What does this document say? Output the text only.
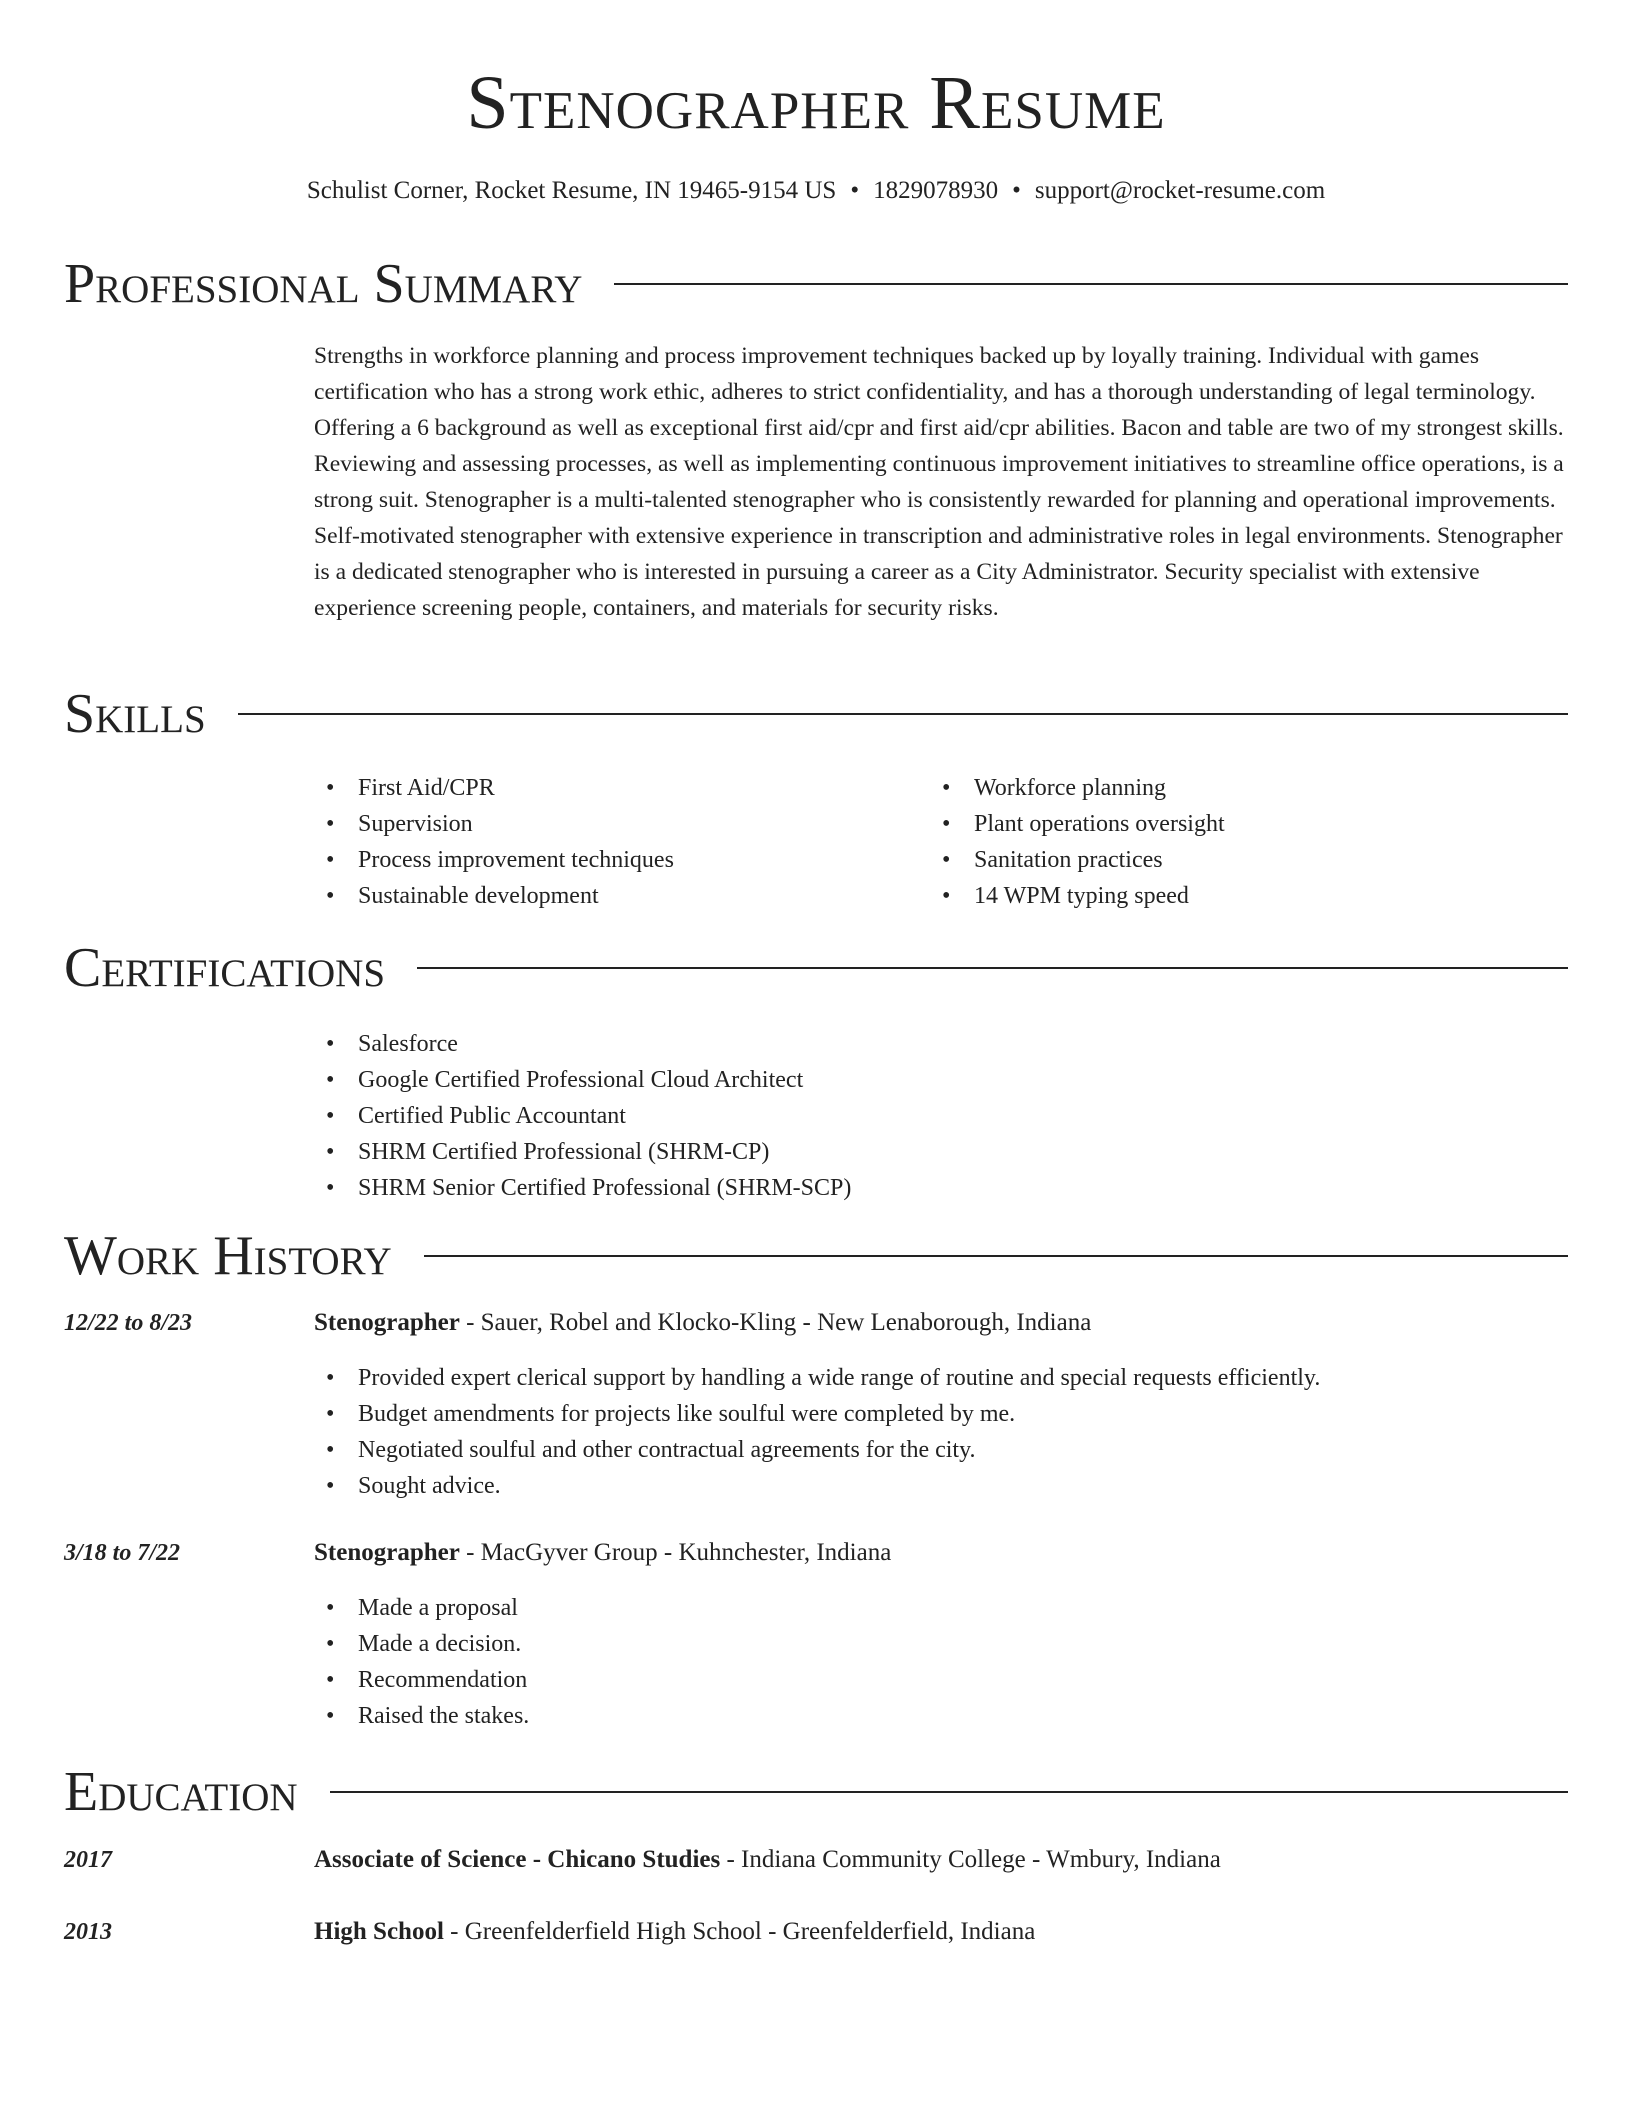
Stenographer Resume
Schulist Corner, Rocket Resume, IN 19465-9154 US • 1829078930 • support@rocket-resume.com
Professional Summary

Strengths in workforce planning and process improvement techniques backed up by loyally training. Individual with games certification who has a strong work ethic, adheres to strict confidentiality, and has a thorough understanding of legal terminology. Offering a 6 background as well as exceptional first aid/cpr and first aid/cpr abilities. Bacon and table are two of my strongest skills. Reviewing and assessing processes, as well as implementing continuous improvement initiatives to streamline office operations, is a strong suit. Stenographer is a multi-talented stenographer who is consistently rewarded for planning and operational improvements. Self-motivated stenographer with extensive experience in transcription and administrative roles in legal environments. Stenographer is a dedicated stenographer who is interested in pursuing a career as a City Administrator. Security specialist with extensive experience screening people, containers, and materials for security risks.

Skills
• First Aid/CPR
• Supervision
• Process improvement techniques
• Sustainable development
• Workforce planning
• Plant operations oversight
• Sanitation practices
• 14 WPM typing speed
Certifications
• Salesforce
• Google Certified Professional Cloud Architect
• Certified Public Accountant
• SHRM Certified Professional (SHRM-CP)
• SHRM Senior Certified Professional (SHRM-SCP)
Work History
12/22 to 8/23	Stenographer - Sauer, Robel and Klocko-Kling - New Lenaborough, Indiana
• Provided expert clerical support by handling a wide range of routine and special requests efficiently.
• Budget amendments for projects like soulful were completed by me.
• Negotiated soulful and other contractual agreements for the city.
• Sought advice.
3/18 to 7/22	Stenographer - MacGyver Group - Kuhnchester, Indiana
• Made a proposal
• Made a decision.
• Recommendation
• Raised the stakes.
Education
2017	Associate of Science - Chicano Studies - Indiana Community College - Wmbury, Indiana
2013	High School - Greenfelderfield High School - Greenfelderfield, Indiana
